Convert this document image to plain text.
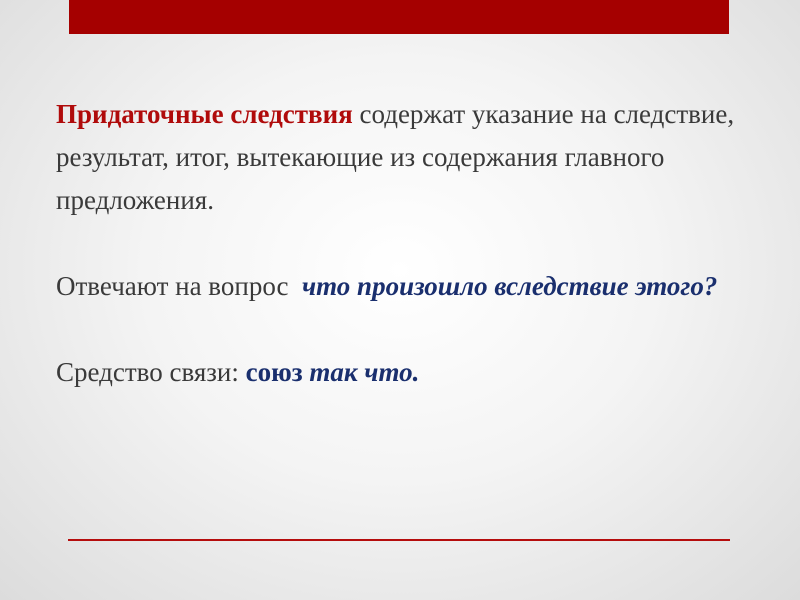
Придаточные следствия содержат указание на следствие, результат, итог, вытекающие из содержания главного предложения.

Отвечают на вопрос  что произошло вследствие этого?

Средство связи: союз так что.
